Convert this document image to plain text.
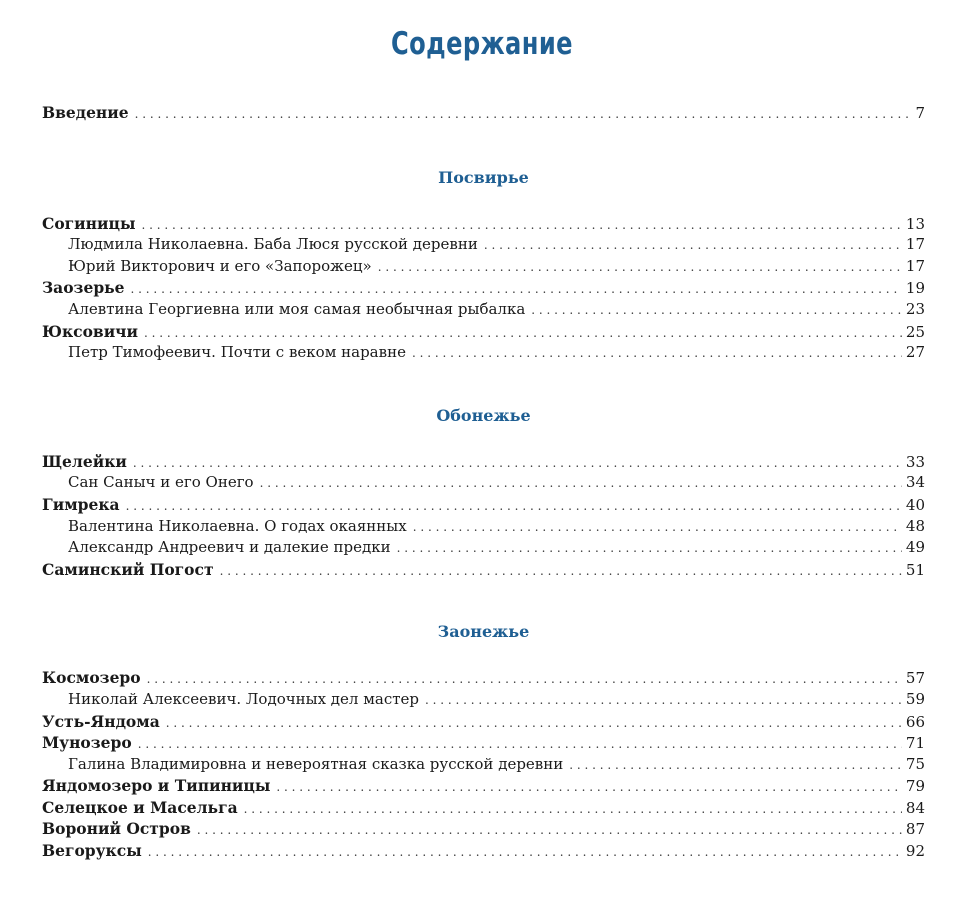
Содержание
Введение . . .	7
Посвирье
Согиницы . . .	13
Людмила Николаевна. Баба Люся русской деревни . . .	17
Юрий Викторович и его «Запорожец» . . .	17
Заозерье . . .	19
Алевтина Георгиевна или моя самая необычная рыбалка . . .	23
Юксовичи . . .	25
Петр Тимофеевич. Почти с веком наравне . . .	27
Обонежье
Щелейки . . .	33
Сан Саныч и его Онего . . .	34
Гимрека . . .	40
Валентина Николаевна. О годах окаянных . . .	48
Александр Андреевич и далекие предки . . .	49
Саминский Погост . . .	51
Заонежье
Космозеро . . .	57
Николай Алексеевич. Лодочных дел мастер . . .	59
Усть-Яндома . . .	66
Мунозеро . . .	71
Галина Владимировна и невероятная сказка русской деревни . . .	75
Яндомозеро и Типиницы . . .	79
Селецкое и Масельга . . .	84
Вороний Остров . . .	87
Вегоруксы . . .	92
